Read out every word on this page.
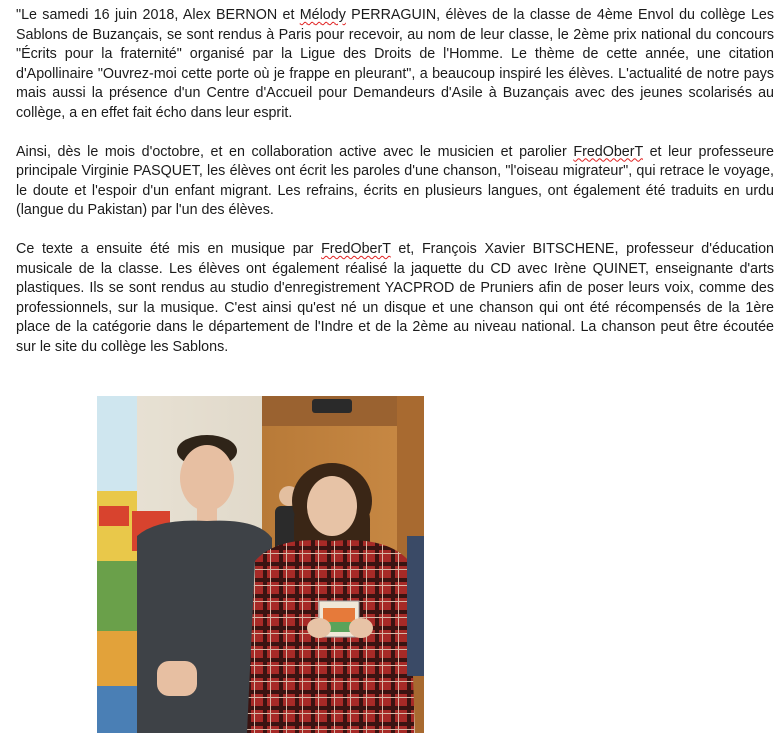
"Le samedi 16 juin 2018, Alex BERNON et Mélody PERRAGUIN, élèves de la classe de 4ème Envol du collège Les Sablons de Buzançais, se sont rendus à Paris pour recevoir, au nom de leur classe, le 2ème prix national du concours "Écrits pour la fraternité" organisé par la Ligue des Droits de l'Homme. Le thème de cette année, une citation d'Apollinaire "Ouvrez-moi cette porte où je frappe en pleurant", a beaucoup inspiré les élèves. L'actualité de notre pays mais aussi la présence d'un Centre d'Accueil pour Demandeurs d'Asile à Buzançais avec des jeunes scolarisés au collège, a en effet fait écho dans leur esprit.

Ainsi, dès le mois d'octobre, et en collaboration active avec le musicien et parolier FredOberT et leur professeure principale Virginie PASQUET, les élèves ont écrit les paroles d'une chanson, "l'oiseau migrateur", qui retrace le voyage, le doute et l'espoir d'un enfant migrant. Les refrains, écrits en plusieurs langues, ont également été traduits en urdu (langue du Pakistan) par l'un des élèves.

Ce texte a ensuite été mis en musique par FredOberT et, François Xavier BITSCHENE, professeur d'éducation musicale de la classe. Les élèves ont également réalisé la jaquette du CD avec Irène QUINET, enseignante d'arts plastiques. Ils se sont rendus au studio d'enregistrement YACPROD de Pruniers afin de poser leurs voix, comme des professionnels, sur la musique. C'est ainsi qu'est né un disque et une chanson qui ont été récompensés de la 1ère place de la catégorie dans le département de l'Indre et de la 2ème au niveau national. La chanson peut être écoutée sur le site du collège les Sablons.
